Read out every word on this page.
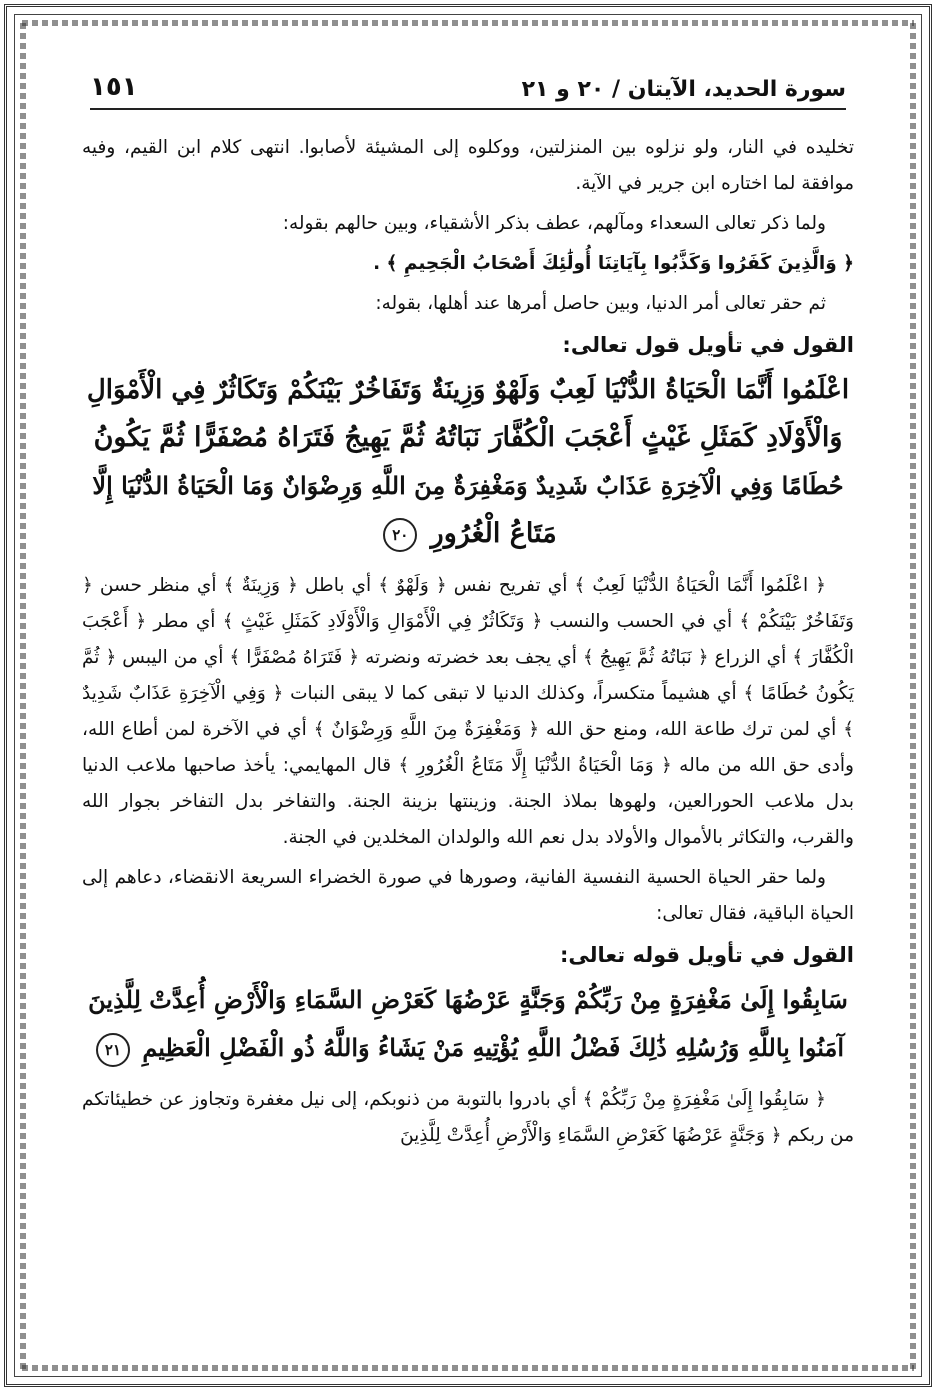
١٥١	سورة الحديد، الآيتان / ٢٠ و ٢١

تخليده في النار، ولو نزلوه بين المنزلتين، ووكلوه إلى المشيئة لأصابوا. انتهى كلام ابن القيم، وفيه موافقة لما اختاره ابن جرير في الآية.

ولما ذكر تعالى السعداء ومآلهم، عطف بذكر الأشقياء، وبين حالهم بقوله:

﴿ وَالَّذِينَ كَفَرُوا وَكَذَّبُوا بِآيَاتِنَا أُولَٰئِكَ أَصْحَابُ الْجَحِيمِ ﴾ .

ثم حقر تعالى أمر الدنيا، وبين حاصل أمرها عند أهلها، بقوله:

القول في تأويل قول تعالى:
اعْلَمُوا أَنَّمَا الْحَيَاةُ الدُّنْيَا لَعِبٌ وَلَهْوٌ وَزِينَةٌ وَتَفَاخُرٌ بَيْنَكُمْ وَتَكَاثُرٌ فِي الْأَمْوَالِ
وَالْأَوْلَادِ كَمَثَلِ غَيْثٍ أَعْجَبَ الْكُفَّارَ نَبَاتُهُ ثُمَّ يَهِيجُ فَتَرَاهُ مُصْفَرًّا ثُمَّ يَكُونُ
حُطَامًا وَفِي الْآخِرَةِ عَذَابٌ شَدِيدٌ وَمَغْفِرَةٌ مِنَ اللَّهِ وَرِضْوَانٌ وَمَا الْحَيَاةُ الدُّنْيَا إِلَّا
مَتَاعُ الْغُرُورِ ٢٠

﴿ اعْلَمُوا أَنَّمَا الْحَيَاةُ الدُّنْيَا لَعِبٌ ﴾ أي تفريح نفس ﴿ وَلَهْوٌ ﴾ أي باطل ﴿ وَزِينَةٌ ﴾ أي منظر حسن ﴿ وَتَفَاخُرٌ بَيْنَكُمْ ﴾ أي في الحسب والنسب ﴿ وَتَكَاثُرٌ فِي الْأَمْوَالِ وَالْأَوْلَادِ كَمَثَلِ غَيْثٍ ﴾ أي مطر ﴿ أَعْجَبَ الْكُفَّارَ ﴾ أي الزراع ﴿ نَبَاتُهُ ثُمَّ يَهِيجُ ﴾ أي يجف بعد خضرته ونضرته ﴿ فَتَرَاهُ مُصْفَرًّا ﴾ أي من اليبس ﴿ ثُمَّ يَكُونُ حُطَامًا ﴾ أي هشيماً متكسراً، وكذلك الدنيا لا تبقى كما لا يبقى النبات ﴿ وَفِي الْآخِرَةِ عَذَابٌ شَدِيدٌ ﴾ أي لمن ترك طاعة الله، ومنع حق الله ﴿ وَمَغْفِرَةٌ مِنَ اللَّهِ وَرِضْوَانٌ ﴾ أي في الآخرة لمن أطاع الله، وأدى حق الله من ماله ﴿ وَمَا الْحَيَاةُ الدُّنْيَا إِلَّا مَتَاعُ الْغُرُورِ ﴾ قال المهايمي: يأخذ صاحبها ملاعب الدنيا بدل ملاعب الحورالعين، ولهوها بملاذ الجنة. وزينتها بزينة الجنة. والتفاخر بدل التفاخر بجوار الله والقرب، والتكاثر بالأموال والأولاد بدل نعم الله والولدان المخلدين في الجنة.

ولما حقر الحياة الحسية النفسية الفانية، وصورها في صورة الخضراء السريعة الانقضاء، دعاهم إلى الحياة الباقية، فقال تعالى:

القول في تأويل قوله تعالى:
سَابِقُوا إِلَىٰ مَغْفِرَةٍ مِنْ رَبِّكُمْ وَجَنَّةٍ عَرْضُهَا كَعَرْضِ السَّمَاءِ وَالْأَرْضِ أُعِدَّتْ لِلَّذِينَ
آمَنُوا بِاللَّهِ وَرُسُلِهِ ذَٰلِكَ فَضْلُ اللَّهِ يُؤْتِيهِ مَنْ يَشَاءُ وَاللَّهُ ذُو الْفَضْلِ الْعَظِيمِ ٢١

﴿ سَابِقُوا إِلَىٰ مَغْفِرَةٍ مِنْ رَبِّكُمْ ﴾ أي بادروا بالتوبة من ذنوبكم، إلى نيل مغفرة وتجاوز عن خطيئاتكم من ربكم ﴿ وَجَنَّةٍ عَرْضُهَا كَعَرْضِ السَّمَاءِ وَالْأَرْضِ أُعِدَّتْ لِلَّذِينَ
